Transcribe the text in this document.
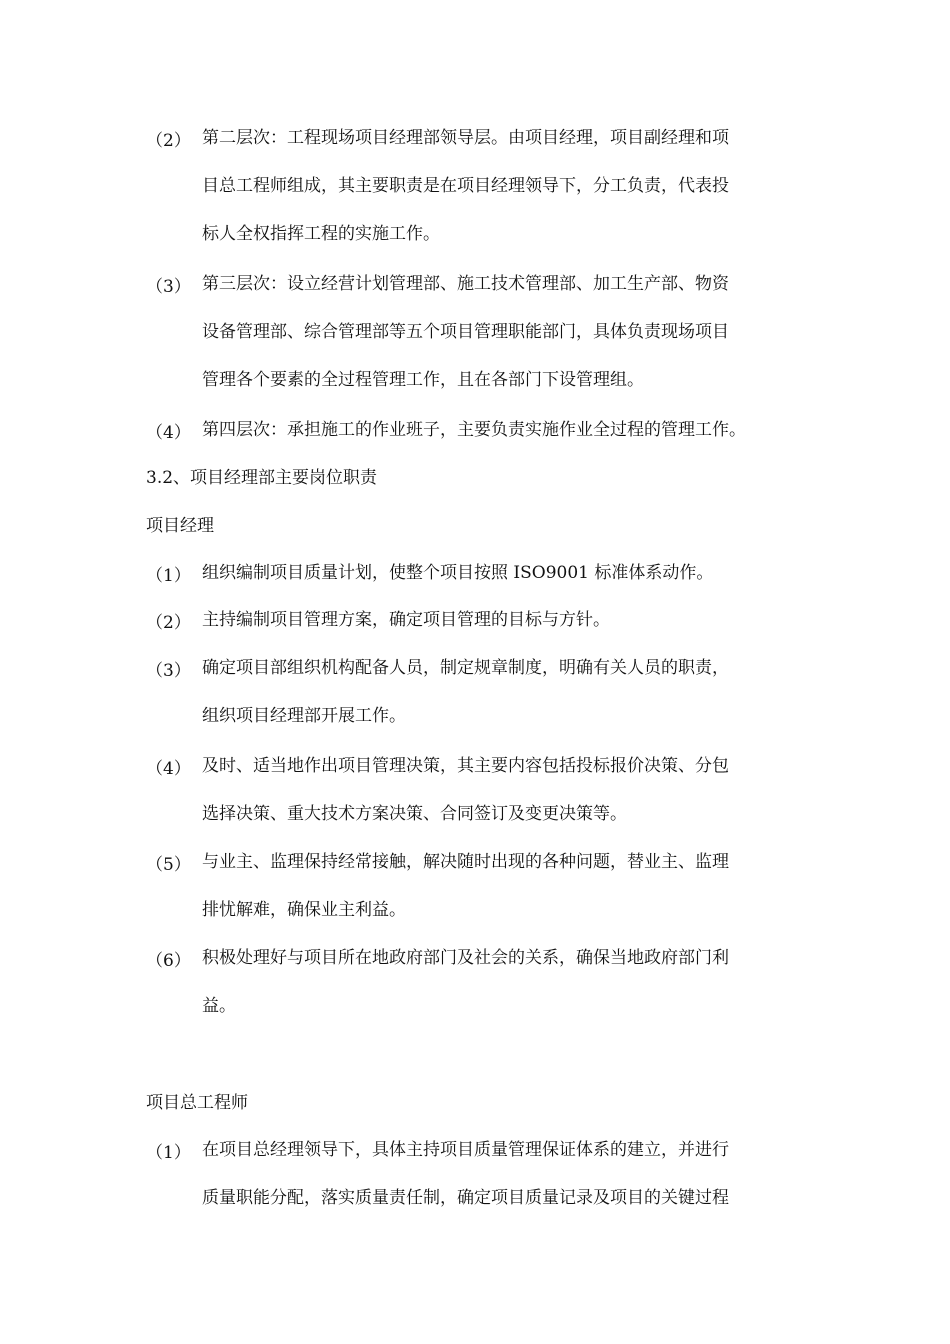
（2） 第二层次：工程现场项目经理部领导层。由项目经理，项目副经理和项

目总工程师组成，其主要职责是在项目经理领导下，分工负责，代表投

标人全权指挥工程的实施工作。

（3） 第三层次：设立经营计划管理部、施工技术管理部、加工生产部、物资

设备管理部、综合管理部等五个项目管理职能部门，具体负责现场项目

管理各个要素的全过程管理工作，且在各部门下设管理组。

（4） 第四层次：承担施工的作业班子，主要负责实施作业全过程的管理工作。

3.2、项目经理部主要岗位职责
项目经理
（1） 组织编制项目质量计划，使整个项目按照 ISO9001 标准体系动作。

（2） 主持编制项目管理方案，确定项目管理的目标与方针。

（3） 确定项目部组织机构配备人员，制定规章制度，明确有关人员的职责，

组织项目经理部开展工作。

（4） 及时、适当地作出项目管理决策，其主要内容包括投标报价决策、分包

选择决策、重大技术方案决策、合同签订及变更决策等。

（5） 与业主、监理保持经常接触，解决随时出现的各种问题，替业主、监理

排忧解难，确保业主利益。

（6） 积极处理好与项目所在地政府部门及社会的关系，确保当地政府部门利

益。

项目总工程师
（1） 在项目总经理领导下，具体主持项目质量管理保证体系的建立，并进行

质量职能分配，落实质量责任制，确定项目质量记录及项目的关键过程
